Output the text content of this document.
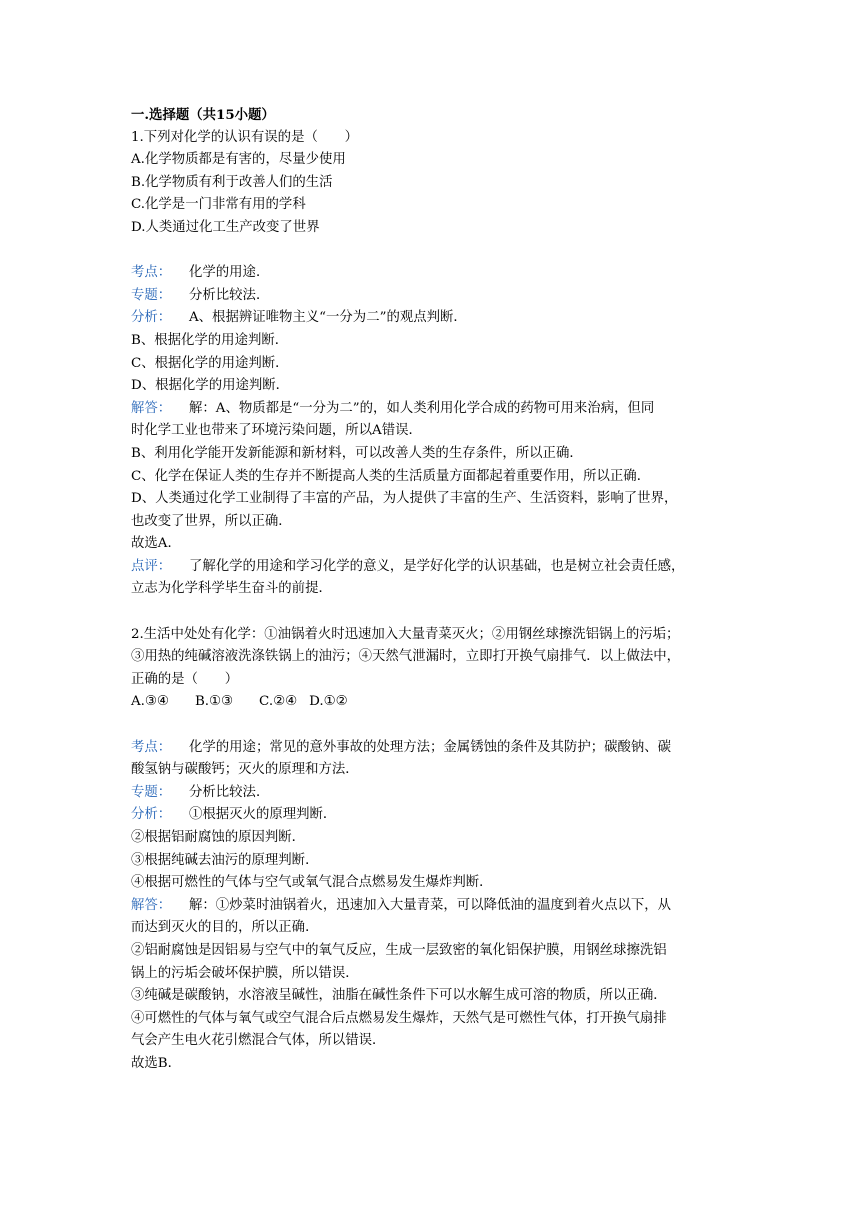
一.选择题（共15小题）
1.下列对化学的认识有误的是（　　）
A.化学物质都是有害的，尽量少使用
B.化学物质有利于改善人们的生活
C.化学是一门非常有用的学科
D.人类通过化工生产改变了世界
考点： 化学的用途．
专题： 分析比较法．
分析： A、根据辨证唯物主义“一分为二”的观点判断．
B、根据化学的用途判断．
C、根据化学的用途判断．
D、根据化学的用途判断．
解答： 解：A、物质都是“一分为二”的，如人类利用化学合成的药物可用来治病，但同
时化学工业也带来了环境污染问题，所以A错误．
B、利用化学能开发新能源和新材料，可以改善人类的生存条件，所以正确．
C、化学在保证人类的生存并不断提高人类的生活质量方面都起着重要作用，所以正确．
D、人类通过化学工业制得了丰富的产品，为人提供了丰富的生产、生活资料，影响了世界，
也改变了世界，所以正确．
故选A．
点评： 了解化学的用途和学习化学的意义，是学好化学的认识基础，也是树立社会责任感，
立志为化学科学毕生奋斗的前提．
2.生活中处处有化学：①油锅着火时迅速加入大量青菜灭火；②用钢丝球擦洗铝锅上的污垢；
③用热的纯碱溶液洗涤铁锅上的油污；④天然气泄漏时，立即打开换气扇排气．以上做法中，
正确的是（　　）
A.③④ B.①③ C.②④ D.①②
考点： 化学的用途；常见的意外事故的处理方法；金属锈蚀的条件及其防护；碳酸钠、碳
酸氢钠与碳酸钙；灭火的原理和方法．
专题： 分析比较法．
分析： ①根据灭火的原理判断．
②根据铝耐腐蚀的原因判断．
③根据纯碱去油污的原理判断．
④根据可燃性的气体与空气或氧气混合点燃易发生爆炸判断．
解答： 解：①炒菜时油锅着火，迅速加入大量青菜，可以降低油的温度到着火点以下，从
而达到灭火的目的，所以正确．
②铝耐腐蚀是因铝易与空气中的氧气反应，生成一层致密的氧化铝保护膜，用钢丝球擦洗铝
锅上的污垢会破坏保护膜，所以错误．
③纯碱是碳酸钠，水溶液呈碱性，油脂在碱性条件下可以水解生成可溶的物质，所以正确．
④可燃性的气体与氧气或空气混合后点燃易发生爆炸，天然气是可燃性气体，打开换气扇排
气会产生电火花引燃混合气体，所以错误．
故选B．
